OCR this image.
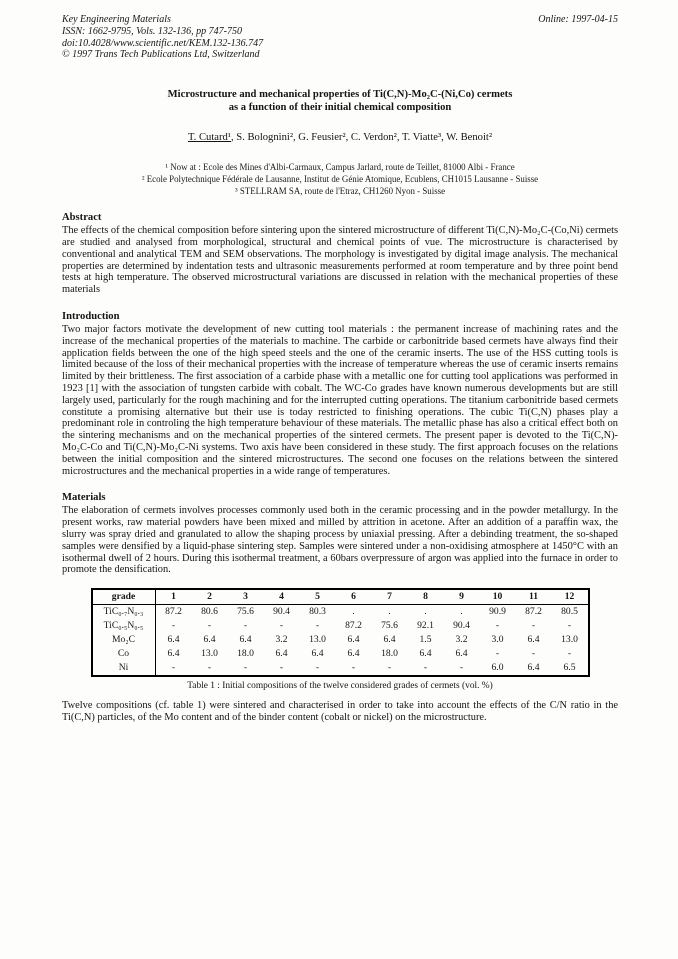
Key Engineering Materials
ISSN: 1662-9795, Vols. 132-136, pp 747-750
doi:10.4028/www.scientific.net/KEM.132-136.747
© 1997 Trans Tech Publications Ltd, Switzerland
Online: 1997-04-15
Microstructure and mechanical properties of Ti(C,N)-Mo₂C-(Ni,Co) cermets
as a function of their initial chemical composition
T. Cutard¹, S. Bolognini², G. Feusier², C. Verdon², T. Viatte³, W. Benoit²
¹ Now at : Ecole des Mines d'Albi-Carmaux, Campus Jarlard, route de Teillet, 81000 Albi - France
² Ecole Polytechnique Fédérale de Lausanne, Institut de Génie Atomique, Ecublens, CH1015 Lausanne - Suisse
³ STELLRAM SA, route de l'Etraz, CH1260 Nyon - Suisse
Abstract

The effects of the chemical composition before sintering upon the sintered microstructure of different Ti(C,N)-Mo₂C-(Co,Ni) cermets are studied and analysed from morphological, structural and chemical points of vue. The microstructure is characterised by conventional and analytical TEM and SEM observations. The morphology is investigated by digital image analysis. The mechanical properties are determined by indentation tests and ultrasonic measurements performed at room temperature and by three point bend tests at high temperature. The observed microstructural variations are discussed in relation with the mechanical properties of these materials

Introduction

Two major factors motivate the development of new cutting tool materials : the permanent increase of machining rates and the increase of the mechanical properties of the materials to machine. The carbide or carbonitride based cermets have always find their application fields between the one of the high speed steels and the one of the ceramic inserts. The use of the HSS cutting tools is limited because of the loss of their mechanical properties with the increase of temperature whereas the use of ceramic inserts remains limited by their brittleness. The first association of a carbide phase with a metallic one for cutting tool applications was performed in 1923 [1] with the association of tungsten carbide with cobalt. The WC-Co grades have known numerous developments but are still largely used, particularly for the rough machining and for the interrupted cutting operations. The titanium carbonitride based cermets constitute a promising alternative but their use is today restricted to finishing operations. The cubic Ti(C,N) phases play a predominant role in controling the high temperature behaviour of these materials. The metallic phase has also a critical effect both on the sintering mechanisms and on the mechanical properties of the sintered cermets. The present paper is devoted to the Ti(C,N)-Mo₂C-Co and Ti(C,N)-Mo₂C-Ni systems. Two axis have been considered in these study. The first approach focuses on the relations between the initial composition and the sintered microstructures. The second one focuses on the relations between the sintered microstructures and the mechanical properties in a wide range of temperatures.

Materials

The elaboration of cermets involves processes commonly used both in the ceramic processing and in the powder metallurgy. In the present works, raw material powders have been mixed and milled by attrition in acetone. After an addition of a paraffin wax, the slurry was spray dried and granulated to allow the shaping process by uniaxial pressing. After a debinding treatment, the so-shaped samples were densified by a liquid-phase sintering step. Samples were sintered under a non-oxidising atmosphere at 1450°C with an isothermal dwell of 2 hours. During this isothermal treatment, a 60bars overpressure of argon was applied into the furnace in order to promote the densification.

grade	1	2	3	4	5	6	7	8	9	10	11	12
TiC₀.₇N₀.₃	87.2	80.6	75.6	90.4	80.3	.	.	.	.	90.9	87.2	80.5
TiC₀.₅N₀.₅	-	-	-	-	-	87.2	75.6	92.1	90.4	-	-	-
Mo₂C	6.4	6.4	6.4	3.2	13.0	6.4	6.4	1.5	3.2	3.0	6.4	13.0
Co	6.4	13.0	18.0	6.4	6.4	6.4	18.0	6.4	6.4	-	-	-
Ni	-	-	-	-	-	-	-	-	-	6.0	6.4	6.5
Table 1 : Initial compositions of the twelve considered grades of cermets (vol. %)

Twelve compositions (cf. table 1) were sintered and characterised in order to take into account the effects of the C/N ratio in the Ti(C,N) particles, of the Mo content and of the binder content (cobalt or nickel) on the microstructure.
